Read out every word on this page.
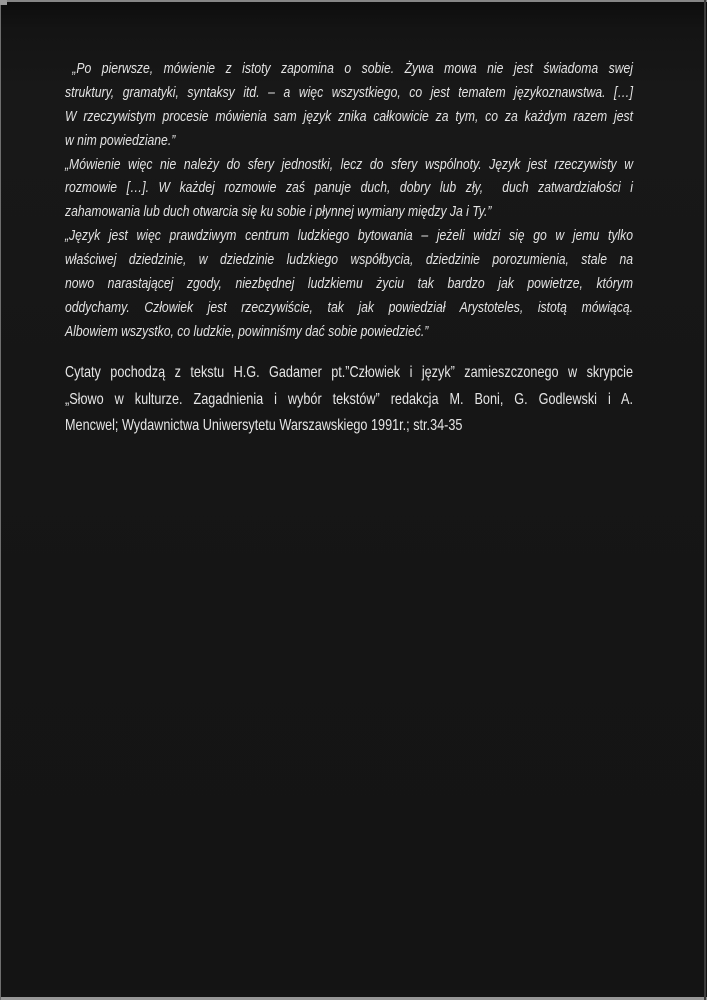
„Po pierwsze, mówienie z istoty zapomina o sobie. Żywa mowa nie jest świadoma swej
struktury, gramatyki, syntaksy itd. – a więc wszystkiego, co jest tematem językoznawstwa. […]
W rzeczywistym procesie mówienia sam język znika całkowicie za tym, co za każdym razem jest
w nim powiedziane.”
„Mówienie więc nie należy do sfery jednostki, lecz do sfery wspólnoty. Język jest rzeczywisty w
rozmowie […]. W każdej rozmowie zaś panuje duch, dobry lub zły,  duch zatwardziałości i
zahamowania lub duch otwarcia się ku sobie i płynnej wymiany między Ja i Ty.”
„Język jest więc prawdziwym centrum ludzkiego bytowania – jeżeli widzi się go w jemu tylko
właściwej dziedzinie, w dziedzinie ludzkiego współbycia, dziedzinie porozumienia, stale na
nowo narastającej zgody, niezbędnej ludzkiemu życiu tak bardzo jak powietrze, którym
oddychamy. Człowiek jest rzeczywiście, tak jak powiedział Arystoteles, istotą mówiącą.
Albowiem wszystko, co ludzkie, powinniśmy dać sobie powiedzieć.”
Cytaty pochodzą z tekstu H.G. Gadamer pt.”Człowiek i język” zamieszczonego w skrypcie
„Słowo w kulturze. Zagadnienia i wybór tekstów” redakcja M. Boni, G. Godlewski i A.
Mencwel; Wydawnictwa Uniwersytetu Warszawskiego 1991r.; str.34-35
